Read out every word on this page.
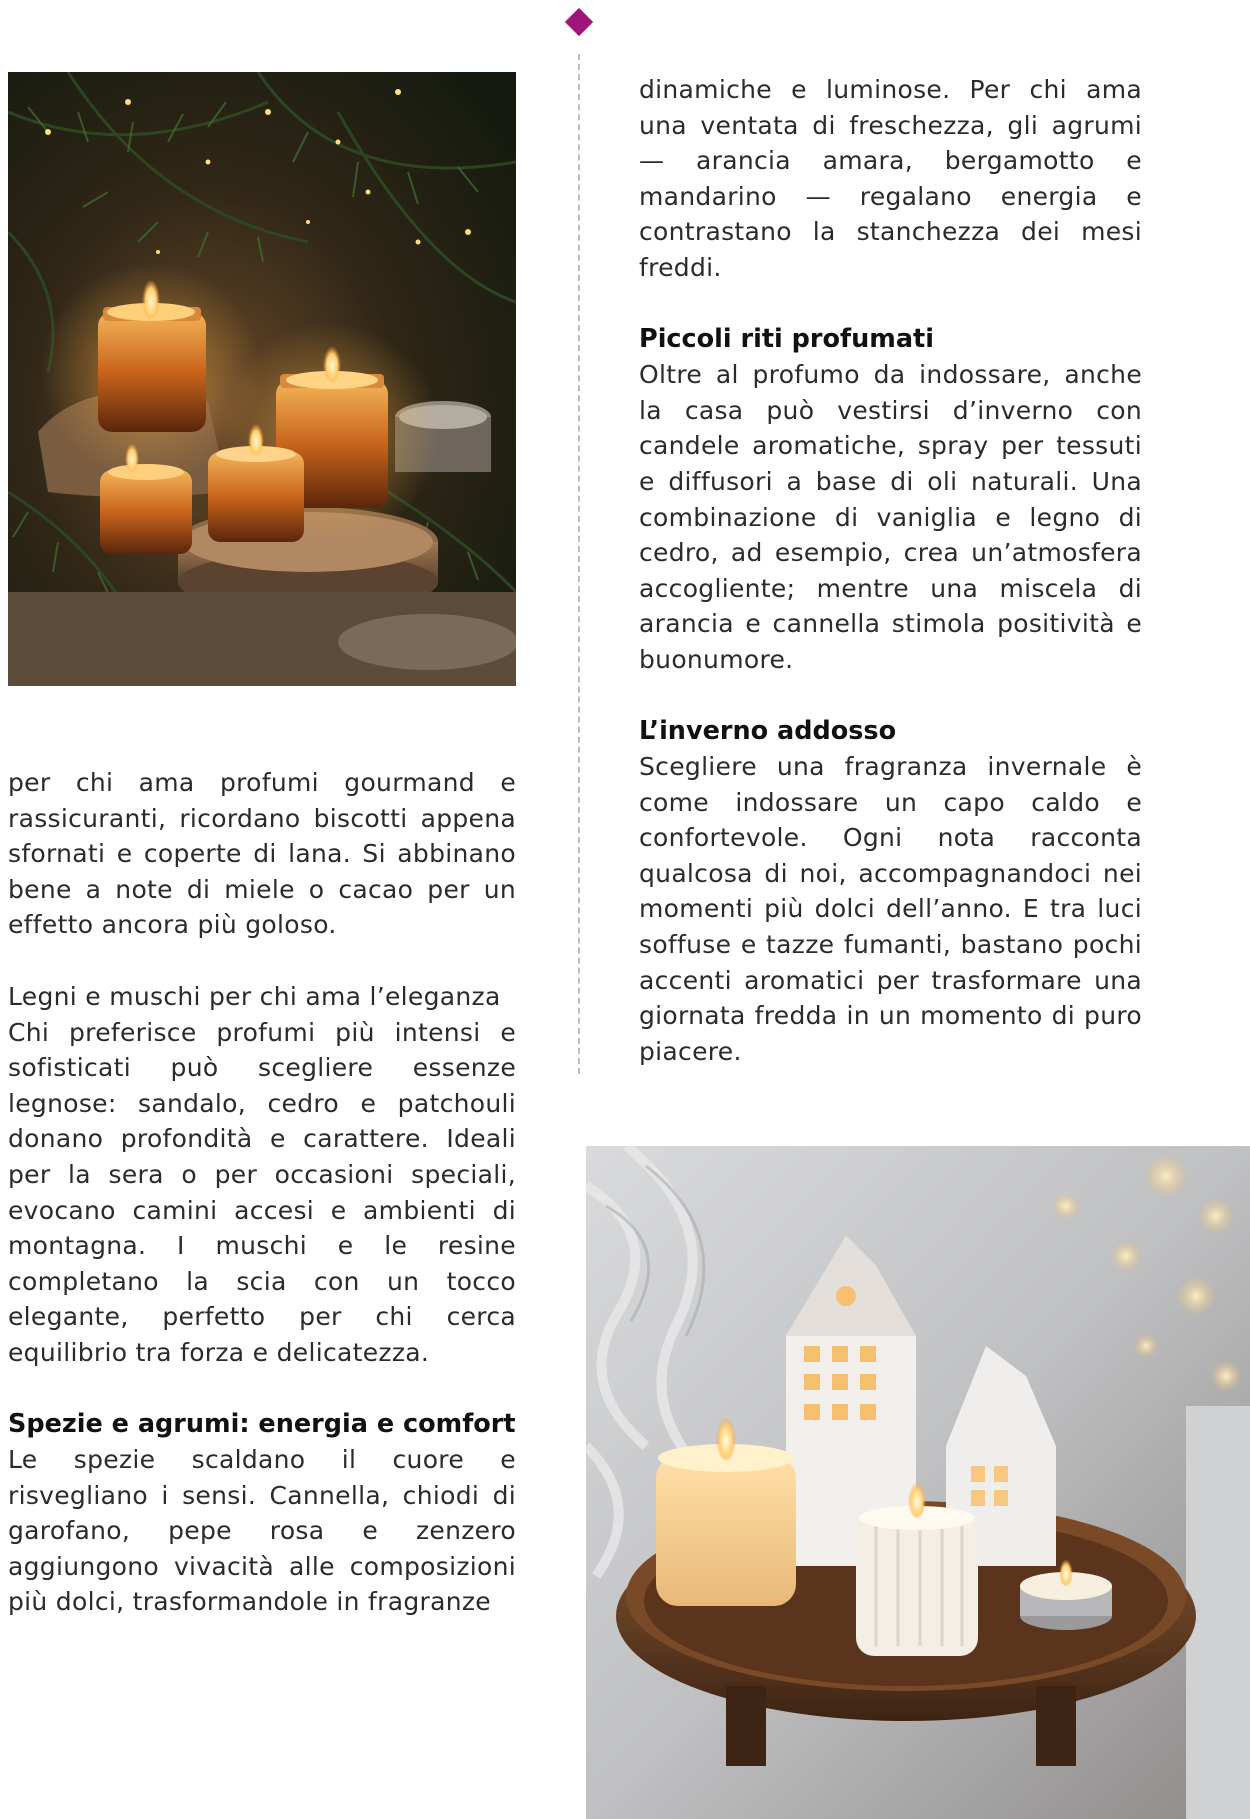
dinamiche e luminose. Per chi ama una ventata di freschezza, gli agrumi — arancia amara, bergamotto e mandarino — regalano energia e contrastano la stanchezza dei mesi freddi.

Piccoli riti profumati

Oltre al profumo da indossare, anche la casa può vestirsi d’inverno con candele aromatiche, spray per tessuti e diffusori a base di oli naturali. Una combinazione di vaniglia e legno di cedro, ad esempio, crea un’atmosfera accogliente; mentre una miscela di arancia e cannella stimola positività e buonumore.

L’inverno addosso

Scegliere una fragranza invernale è come indossare un capo caldo e confortevole. Ogni nota racconta qualcosa di noi, accompagnandoci nei momenti più dolci dell’anno. E tra luci soffuse e tazze fumanti, bastano pochi accenti aromatici per trasformare una giornata fredda in un momento di puro piacere.

per chi ama profumi gourmand e rassicuranti, ricordano biscotti appena sfornati e coperte di lana. Si abbinano bene a note di miele o cacao per un effetto ancora più goloso.

Legni e muschi per chi ama l’eleganza

Chi preferisce profumi più intensi e sofisticati può scegliere essenze legnose: sandalo, cedro e patchouli donano profondità e carattere. Ideali per la sera o per occasioni speciali, evocano camini accesi e ambienti di montagna. I muschi e le resine completano la scia con un tocco elegante, perfetto per chi cerca equilibrio tra forza e delicatezza.

Spezie e agrumi: energia e comfort

Le spezie scaldano il cuore e risvegliano i sensi. Cannella, chiodi di garofano, pepe rosa e zenzero aggiungono vivacità alle composizioni più dolci, trasformandole in fragranze
